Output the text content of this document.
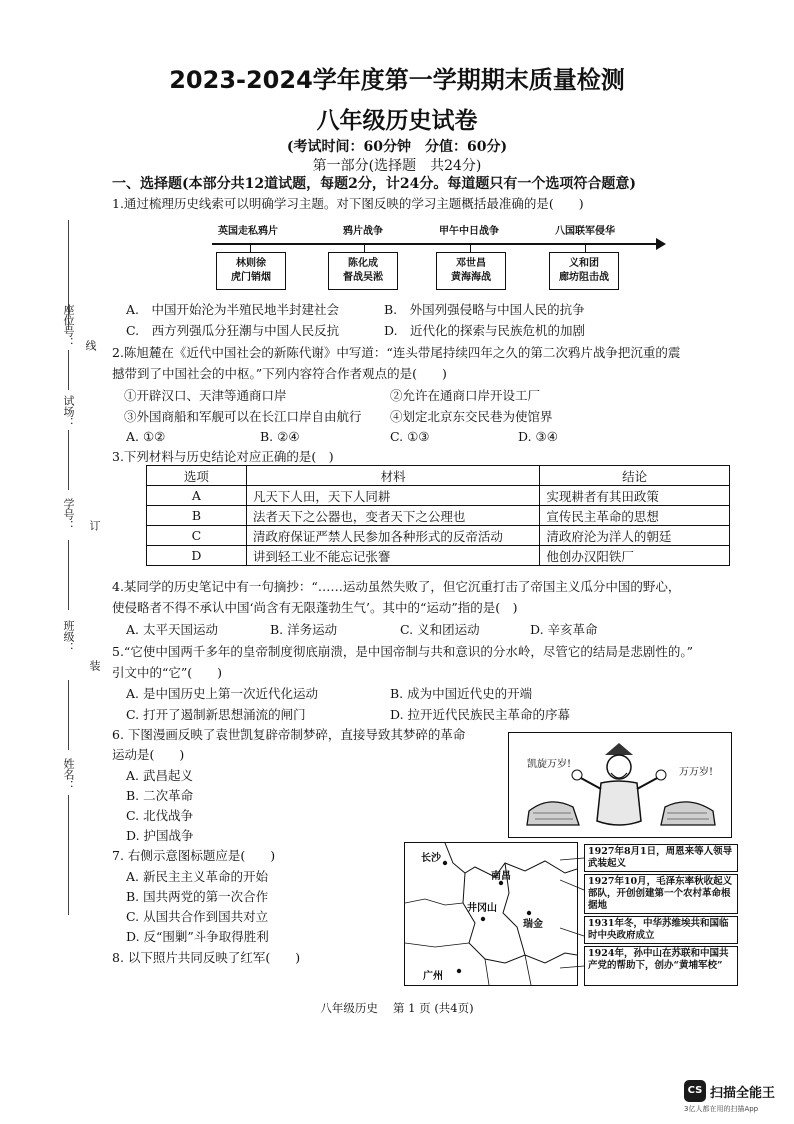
2023-2024学年度第一学期期末质量检测
八年级历史试卷
(考试时间：60分钟　分值：60分)
第一部分(选择题　共24分)
一、选择题(本部分共12道试题，每题2分，计24分。每道题只有一个选项符合题意)
座位号： 线
试场：
学号： 订
班级：
装
姓名：
1.通过梳理历史线索可以明确学习主题。对下图反映的学习主题概括最准确的是(　　)
英国走私鸦片	鸦片战争	甲午中日战争	八国联军侵华
林则徐
虎门销烟
陈化成
督战吴淞
邓世昌
黄海海战
义和团
廊坊阻击战
A.　中国开始沦为半殖民地半封建社会	B.　外国列强侵略与中国人民的抗争
C.　西方列强瓜分狂潮与中国人民反抗	D.　近代化的探索与民族危机的加剧
2.陈旭麓在《近代中国社会的新陈代谢》中写道：“连头带尾持续四年之久的第二次鸦片战争把沉重的震
撼带到了中国社会的中枢。”下列内容符合作者观点的是(　　)
①开辟汉口、天津等通商口岸	②允许在通商口岸开设工厂
③外国商船和军舰可以在长江口岸自由航行 ④划定北京东交民巷为使馆界
A. ①②	B. ②④	C. ①③	D. ③④
3.下列材料与历史结论对应正确的是(　)
选项	材料	结论
A	凡天下人田，天下人同耕	实现耕者有其田政策
B	法者天下之公器也，变者天下之公理也	宣传民主革命的思想
C	清政府保证严禁人民参加各种形式的反帝活动	清政府沦为洋人的朝廷
D	讲到轻工业不能忘记张謇	他创办汉阳铁厂
4.某同学的历史笔记中有一句摘抄：“……运动虽然失败了，但它沉重打击了帝国主义瓜分中国的野心，
使侵略者不得不承认中国‘尚含有无限蓬勃生气’。其中的“运动”指的是(　)
A. 太平天国运动	B. 洋务运动	C. 义和团运动	D. 辛亥革命
5.“它使中国两千多年的皇帝制度彻底崩溃，是中国帝制与共和意识的分水岭，尽管它的结局是悲剧性的。”
引文中的“它”(　　)
A. 是中国历史上第一次近代化运动	B. 成为中国近代史的开端
C. 打开了遏制新思想涌流的闸门	D. 拉开近代民族民主革命的序幕
6. 下图漫画反映了袁世凯复辟帝制梦碎，直接导致其梦碎的革命
运动是(　　)
A. 武昌起义
B. 二次革命
C. 北伐战争
D. 护国战争
凯旋万岁!
万万岁!
7. 右侧示意图标题应是(　　)
A. 新民主主义革命的开始
B. 国共两党的第一次合作
C. 从国共合作到国共对立
D. 反“围剿”斗争取得胜利
长沙
南昌
井冈山
瑞金
广州
1927年8月1日，周恩来等人领导武装起义
1927年10月，毛泽东率秋收起义部队，开创创建第一个农村革命根据地
1931年冬，中华苏维埃共和国临时中央政府成立
1924年，孙中山在苏联和中国共产党的帮助下，创办“黄埔军校”
8. 以下照片共同反映了红军(　　)
八年级历史　 第 1 页 (共4页)
CS 扫描全能王
3亿人都在用的扫描App
